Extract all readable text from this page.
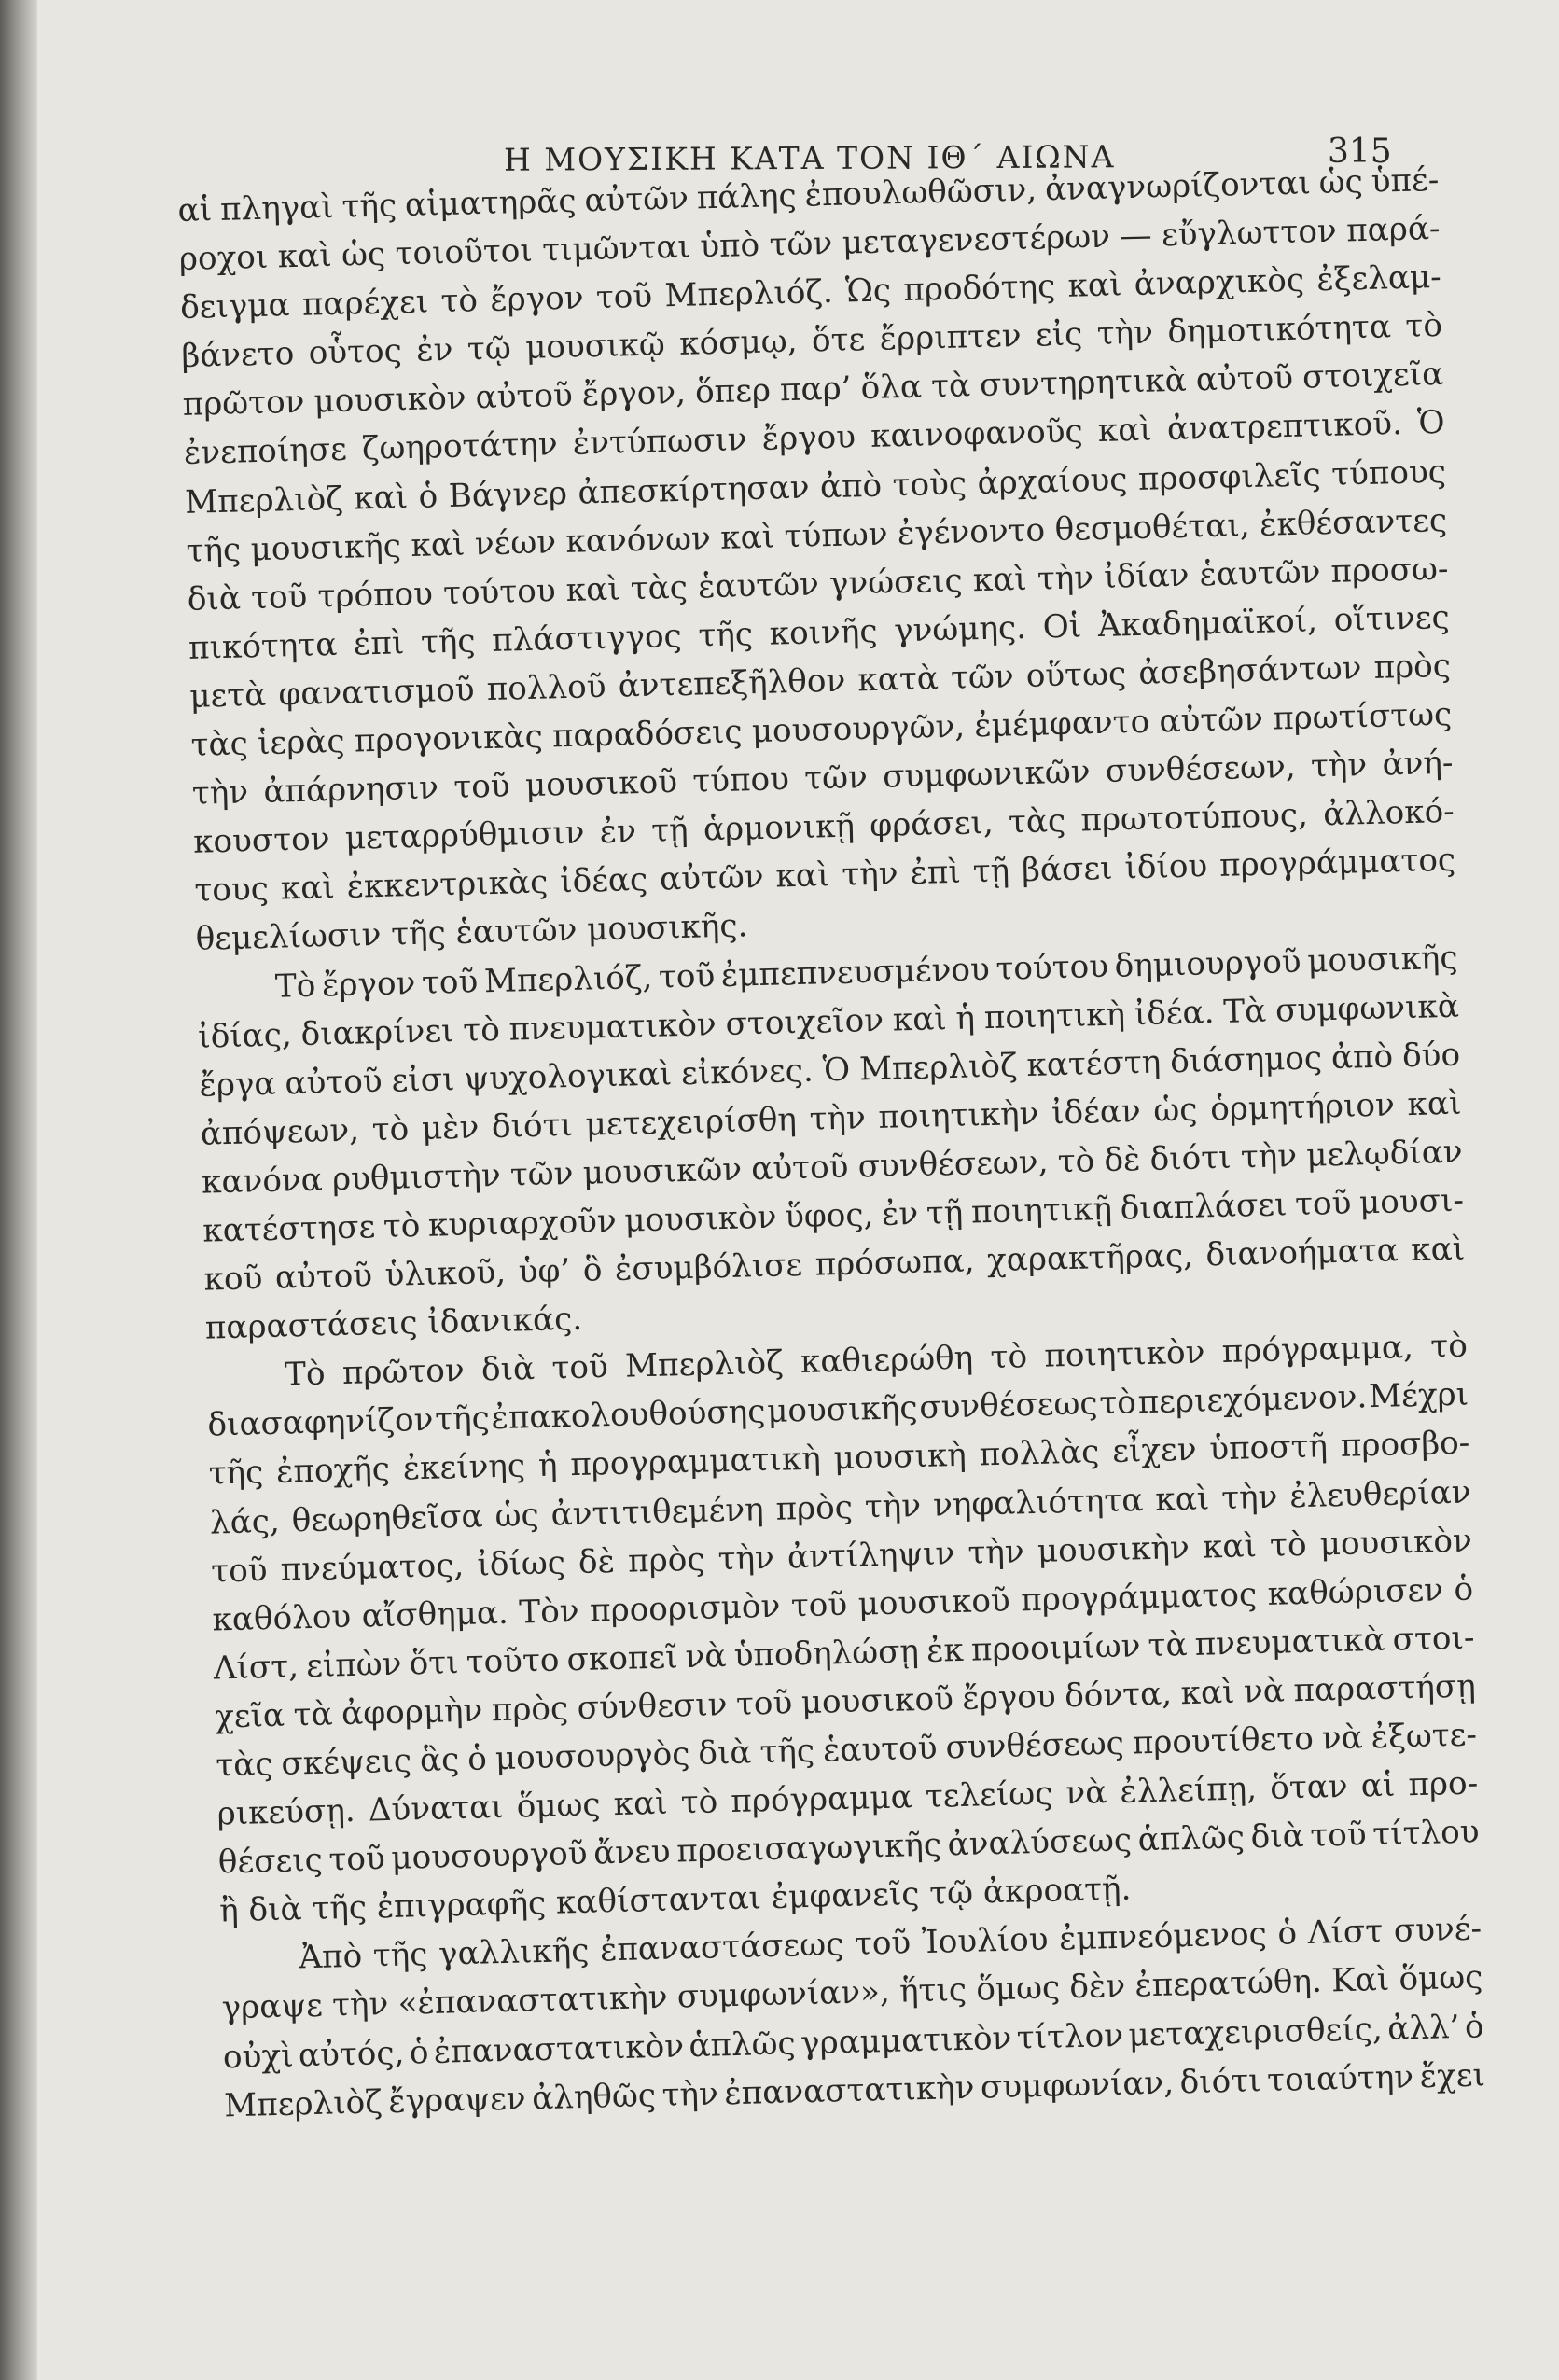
Η ΜΟΥΣΙΚΗ ΚΑΤΑ ΤΟΝ ΙΘ΄ ΑΙΩΝΑ	315
αἱ πληγαὶ τῆς αἱματηρᾶς αὐτῶν πάλης ἐπουλωθῶσιν, ἀναγνωρίζονται ὡς ὑπέ-
ροχοι καὶ ὡς τοιοῦτοι τιμῶνται ὑπὸ τῶν μεταγενεστέρων — εὔγλωττον παρά-
δειγμα παρέχει τὸ ἔργον τοῦ Μπερλιόζ. Ὡς προδότης καὶ ἀναρχικὸς ἐξελαμ-
βάνετο οὗτος ἐν τῷ μουσικῷ κόσμῳ, ὅτε ἔρριπτεν εἰς τὴν δημοτικότητα τὸ
πρῶτον μουσικὸν αὐτοῦ ἔργον, ὅπερ παρ’ ὅλα τὰ συντηρητικὰ αὐτοῦ στοιχεῖα
ἐνεποίησε ζωηροτάτην ἐντύπωσιν ἔργου καινοφανοῦς καὶ ἀνατρεπτικοῦ. Ὁ
Μπερλιὸζ καὶ ὁ Βάγνερ ἀπεσκίρτησαν ἀπὸ τοὺς ἀρχαίους προσφιλεῖς τύπους
τῆς μουσικῆς καὶ νέων κανόνων καὶ τύπων ἐγένοντο θεσμοθέται, ἐκθέσαντες
διὰ τοῦ τρόπου τούτου καὶ τὰς ἑαυτῶν γνώσεις καὶ τὴν ἰδίαν ἑαυτῶν προσω-
πικότητα ἐπὶ τῆς πλάστιγγος τῆς κοινῆς γνώμης. Οἱ Ἀκαδημαϊκοί, οἵτινες
μετὰ φανατισμοῦ πολλοῦ ἀντεπεξῆλθον κατὰ τῶν οὕτως ἀσεβησάντων πρὸς
τὰς ἱερὰς προγονικὰς παραδόσεις μουσουργῶν, ἐμέμφαντο αὐτῶν πρωτίστως
τὴν ἀπάρνησιν τοῦ μουσικοῦ τύπου τῶν συμφωνικῶν συνθέσεων, τὴν ἀνή-
κουστον μεταρρύθμισιν ἐν τῇ ἁρμονικῇ φράσει, τὰς πρωτοτύπους, ἀλλοκό-
τους καὶ ἐκκεντρικὰς ἰδέας αὐτῶν καὶ τὴν ἐπὶ τῇ βάσει ἰδίου προγράμματος
θεμελίωσιν τῆς ἑαυτῶν μουσικῆς.
Τὸ ἔργον τοῦ Μπερλιόζ, τοῦ ἐμπεπνευσμένου τούτου δημιουργοῦ μουσικῆς
ἰδίας, διακρίνει τὸ πνευματικὸν στοιχεῖον καὶ ἡ ποιητικὴ ἰδέα. Τὰ συμφωνικὰ
ἔργα αὐτοῦ εἰσι ψυχολογικαὶ εἰκόνες. Ὁ Μπερλιὸζ κατέστη διάσημος ἀπὸ δύο
ἀπόψεων, τὸ μὲν διότι μετεχειρίσθη τὴν ποιητικὴν ἰδέαν ὡς ὁρμητήριον καὶ
κανόνα ρυθμιστὴν τῶν μουσικῶν αὐτοῦ συνθέσεων, τὸ δὲ διότι τὴν μελῳδίαν
κατέστησε τὸ κυριαρχοῦν μουσικὸν ὕφος, ἐν τῇ ποιητικῇ διαπλάσει τοῦ μουσι-
κοῦ αὐτοῦ ὑλικοῦ, ὑφ’ ὃ ἐσυμβόλισε πρόσωπα, χαρακτῆρας, διανοήματα καὶ
παραστάσεις ἰδανικάς.
Τὸ πρῶτον διὰ τοῦ Μπερλιὸζ καθιερώθη τὸ ποιητικὸν πρόγραμμα, τὸ
διασαφηνίζον τῆς ἐπακολουθούσης μουσικῆς συνθέσεως τὸ περιεχόμενον. Μέχρι
τῆς ἐποχῆς ἐκείνης ἡ προγραμματικὴ μουσικὴ πολλὰς εἶχεν ὑποστῆ προσβο-
λάς, θεωρηθεῖσα ὡς ἀντιτιθεμένη πρὸς τὴν νηφαλιότητα καὶ τὴν ἐλευθερίαν
τοῦ πνεύματος, ἰδίως δὲ πρὸς τὴν ἀντίληψιν τὴν μουσικὴν καὶ τὸ μουσικὸν
καθόλου αἴσθημα. Τὸν προορισμὸν τοῦ μουσικοῦ προγράμματος καθώρισεν ὁ
Λίστ, εἰπὼν ὅτι τοῦτο σκοπεῖ νὰ ὑποδηλώσῃ ἐκ προοιμίων τὰ πνευματικὰ στοι-
χεῖα τὰ ἀφορμὴν πρὸς σύνθεσιν τοῦ μουσικοῦ ἔργου δόντα, καὶ νὰ παραστήσῃ
τὰς σκέψεις ἃς ὁ μουσουργὸς διὰ τῆς ἑαυτοῦ συνθέσεως προυτίθετο νὰ ἐξωτε-
ρικεύσῃ. Δύναται ὅμως καὶ τὸ πρόγραμμα τελείως νὰ ἐλλείπῃ, ὅταν αἱ προ-
θέσεις τοῦ μουσουργοῦ ἄνευ προεισαγωγικῆς ἀναλύσεως ἁπλῶς διὰ τοῦ τίτλου
ἢ διὰ τῆς ἐπιγραφῆς καθίστανται ἐμφανεῖς τῷ ἀκροατῇ.
Ἀπὸ τῆς γαλλικῆς ἐπαναστάσεως τοῦ Ἰουλίου ἐμπνεόμενος ὁ Λίστ συνέ-
γραψε τὴν «ἐπαναστατικὴν συμφωνίαν», ἥτις ὅμως δὲν ἐπερατώθη. Καὶ ὅμως
οὐχὶ αὐτός, ὁ ἐπαναστατικὸν ἁπλῶς γραμματικὸν τίτλον μεταχειρισθείς, ἀλλ’ ὁ
Μπερλιὸζ ἔγραψεν ἀληθῶς τὴν ἐπαναστατικὴν συμφωνίαν, διότι τοιαύτην ἔχει
